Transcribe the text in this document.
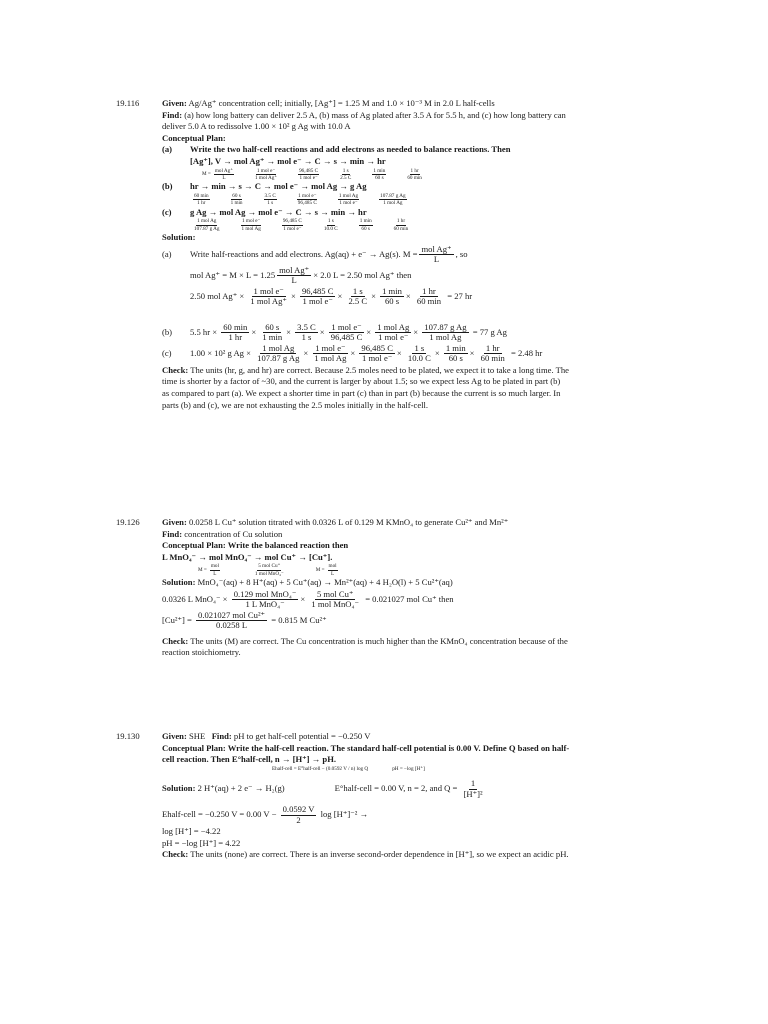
19.116	Given: Ag/Ag⁺ concentration cell; initially, [Ag⁺] = 1.25 M and 1.0 × 10⁻³ M in 2.0 L half-cells
Find: (a) how long battery can deliver 2.5 A, (b) mass of Ag plated after 3.5 A for 5.5 h, and (c) how long battery can
deliver 5.0 A to redissolve 1.00 × 10² g Ag with 10.0 A
Conceptual Plan:
(a) Write the two half-cell reactions and add electrons as needed to balance reactions. Then
[Ag⁺], V → mol Ag⁺ → mol e⁻ → C → s → min → hr
M =
mol Ag⁺
L
1 mol e⁻
1 mol Ag⁺
96,485 C
1 mol e⁻	$\frac{1 s}{2.5 C}$	1 min
60 s
1 hr
60 min
(b) hr → min → s → C → mol e⁻ → mol Ag → g Ag
60 min
1 hr
60 s
1 min	$\frac{3.5 C}{1 s}$	1 mol e⁻
96,485 C
1 mol Ag
1 mol e⁻
107.87 g Ag
1 mol Ag
(c) g Ag → mol Ag → mol e⁻ → C → s → min → hr
1 mol Ag
107.87 g Ag
1 mol e⁻
1 mol Ag
96,485 C
1 mol e⁻	$\frac{1 s}{10.0 C}$	1 min
60 s
1 hr
60 min
Solution:
(a) Write half-reactions and add electrons. Ag(aq) + e⁻ → Ag(s). $M = \frac{\text{mol Ag⁺}}{L}$ , so
mol $Ag^+ = M \times L = 1.25 \frac{\text{mol Ag⁺}}{L} \times 2.0$ L = 2.50 mol Ag⁺ then
2.50 mol $Ag^+ \times \frac{\text{1 mol e⁻}}{\text{1 mol Ag⁺}} \times \frac{96,485 C}{\text{1 mol e⁻}} \times \frac{1 s}{2.5 C} \times \frac{1 \min}{60 s} \times \frac{1 hr}{60 \min} = 27$ hr
(b) 5.5 hr × $\frac{60 \min}{1 hr} \times \frac{60 s}{1 \min} \times \frac{3.5 C}{1 s} \times \frac{\text{1 mol e⁻}}{96,485 C} \times \frac{\text{1 mol Ag}}{\text{1 mol e⁻}} \times \frac{\text{107.87 g Ag}}{\text{1 mol Ag}} = 77$ g Ag
(c) 1.00 × 10² g $Ag \times \frac{\text{1 mol Ag}}{\text{107.87 g Ag}} \times \frac{\text{1 mol e⁻}}{\text{1 mol Ag}} \times \frac{96,485 C}{\text{1 mol e⁻}} \times \frac{1 s}{10.0 C} \times \frac{1 \min}{60 s} \times \frac{1 hr}{60 \min} = 2.48$ hr
Check: The units (hr, g, and hr) are correct. Because 2.5 moles need to be plated, we expect it to take a long time. The
time is shorter by a factor of ~30, and the current is larger by about 1.5; so we expect less Ag to be plated in part (b)
as compared to part (a). We expect a shorter time in part (c) than in part (b) because the current is so much larger. In
parts (b) and (c), we are not exhausting the 2.5 moles initially in the half-cell.
19.126	Given: 0.0258 L Cu⁺ solution titrated with 0.0326 L of 0.129 M KMnO₄ to generate Cu²⁺ and Mn²⁺
Find: concentration of Cu solution
Conceptual Plan: Write the balanced reaction then
L MnO₄⁻ → mol MnO₄⁻ → mol Cu⁺ → [Cu⁺].
M =
mol
L
5 mol Cu⁺
1 mol MnO₄⁻
M =
mol
L
Solution: MnO₄⁻(aq) + 8 H⁺(aq) + 5 Cu⁺(aq) → Mn²⁺(aq) + 4 H₂O(l) + 5 Cu²⁺(aq)
0.0326 L $MnO_4^- \times \frac{\text{0.129 mol MnO₄⁻}}{\text{1 L MnO₄⁻}} \times \frac{\text{5 mol Cu⁺}}{\text{1 mol MnO₄⁻}} = 0.021027$ mol Cu⁺ then
$[Cu^{2+}] = \frac{\text{0.021027 mol Cu²⁺}}{0.0258 L} = 0.815$ M Cu²⁺
Check: The units (M) are correct. The Cu concentration is much higher than the KMnO₄ concentration because of the
reaction stoichiometry.
19.130	Given: SHE Find: pH to get half-cell potential = −0.250 V
Conceptual Plan: Write the half-cell reaction. The standard half-cell potential is 0.00 V. Define Q based on half-
cell reaction. Then E°half-cell, n → [H⁺] → pH.
Ehalf-cell = E°half-cell − (0.0592 V / n) log Q	pH = −log [H⁺]
Solution: 2 H⁺(aq) + 2 e⁻ → H₂(g)	E°half-cell = 0.00 V, n = 2, and $Q = \frac{1}{\text{[H⁺]²}}$
Ehalf-cell = −0.250 V = 0.00 $V - \frac{0.0592 V}{2}$ log [H⁺]⁻² →
log [H⁺] = −4.22
pH = −log [H⁺] = 4.22
Check: The units (none) are correct. There is an inverse second-order dependence in [H⁺], so we expect an acidic pH.
